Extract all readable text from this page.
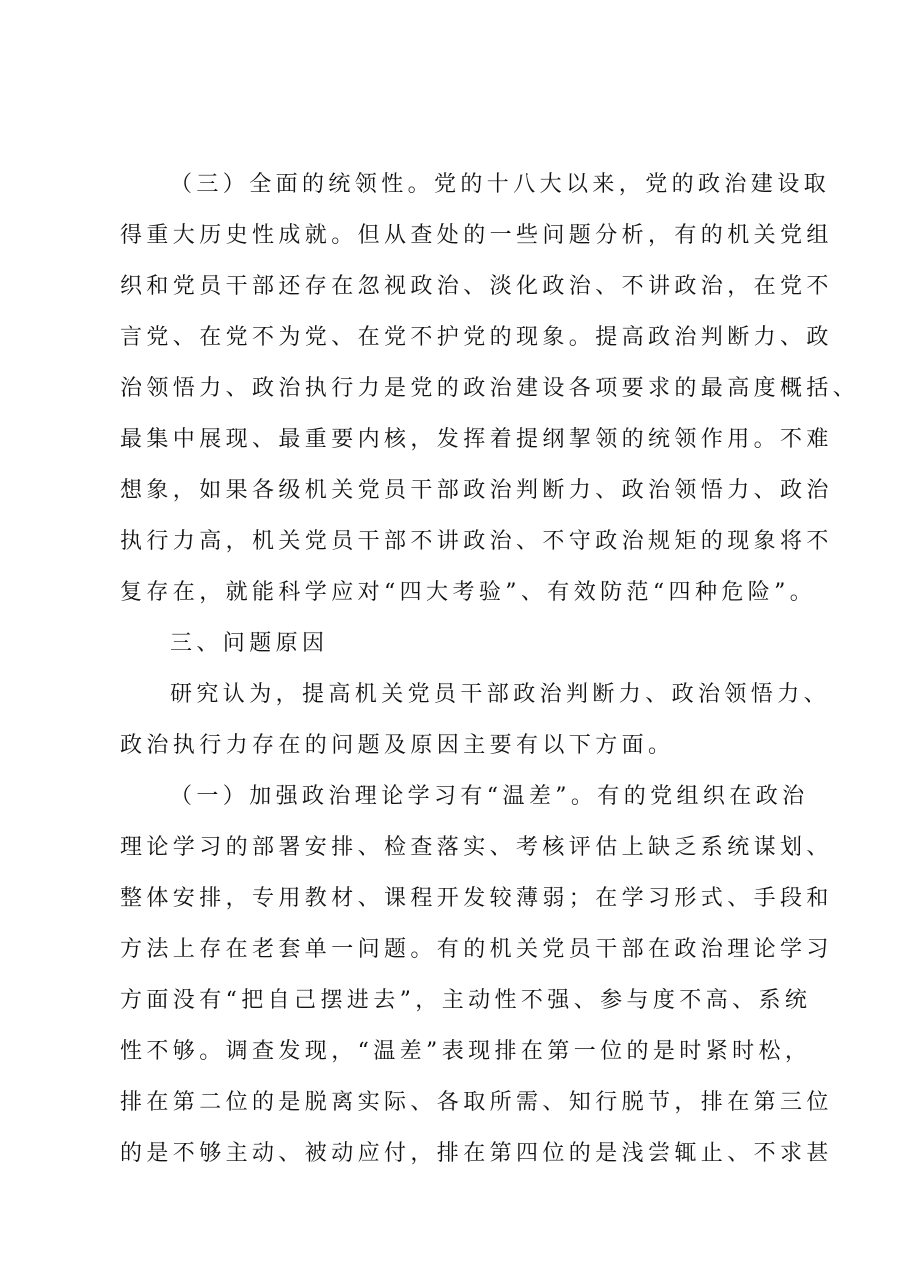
（三）全面的统领性。党的十八大以来，党的政治建设取
得重大历史性成就。但从查处的一些问题分析，有的机关党组
织和党员干部还存在忽视政治、淡化政治、不讲政治，在党不
言党、在党不为党、在党不护党的现象。提高政治判断力、政
治领悟力、政治执行力是党的政治建设各项要求的最高度概括、
最集中展现、最重要内核，发挥着提纲挈领的统领作用。不难
想象，如果各级机关党员干部政治判断力、政治领悟力、政治
执行力高，机关党员干部不讲政治、不守政治规矩的现象将不
复存在，就能科学应对“四大考验”、有效防范“四种危险”。
三、问题原因
研究认为，提高机关党员干部政治判断力、政治领悟力、
政治执行力存在的问题及原因主要有以下方面。
（一）加强政治理论学习有“温差”。有的党组织在政治
理论学习的部署安排、检查落实、考核评估上缺乏系统谋划、
整体安排，专用教材、课程开发较薄弱；在学习形式、手段和
方法上存在老套单一问题。有的机关党员干部在政治理论学习
方面没有“把自己摆进去”，主动性不强、参与度不高、系统
性不够。调查发现，“温差”表现排在第一位的是时紧时松，
排在第二位的是脱离实际、各取所需、知行脱节，排在第三位
的是不够主动、被动应付，排在第四位的是浅尝辄止、不求甚
